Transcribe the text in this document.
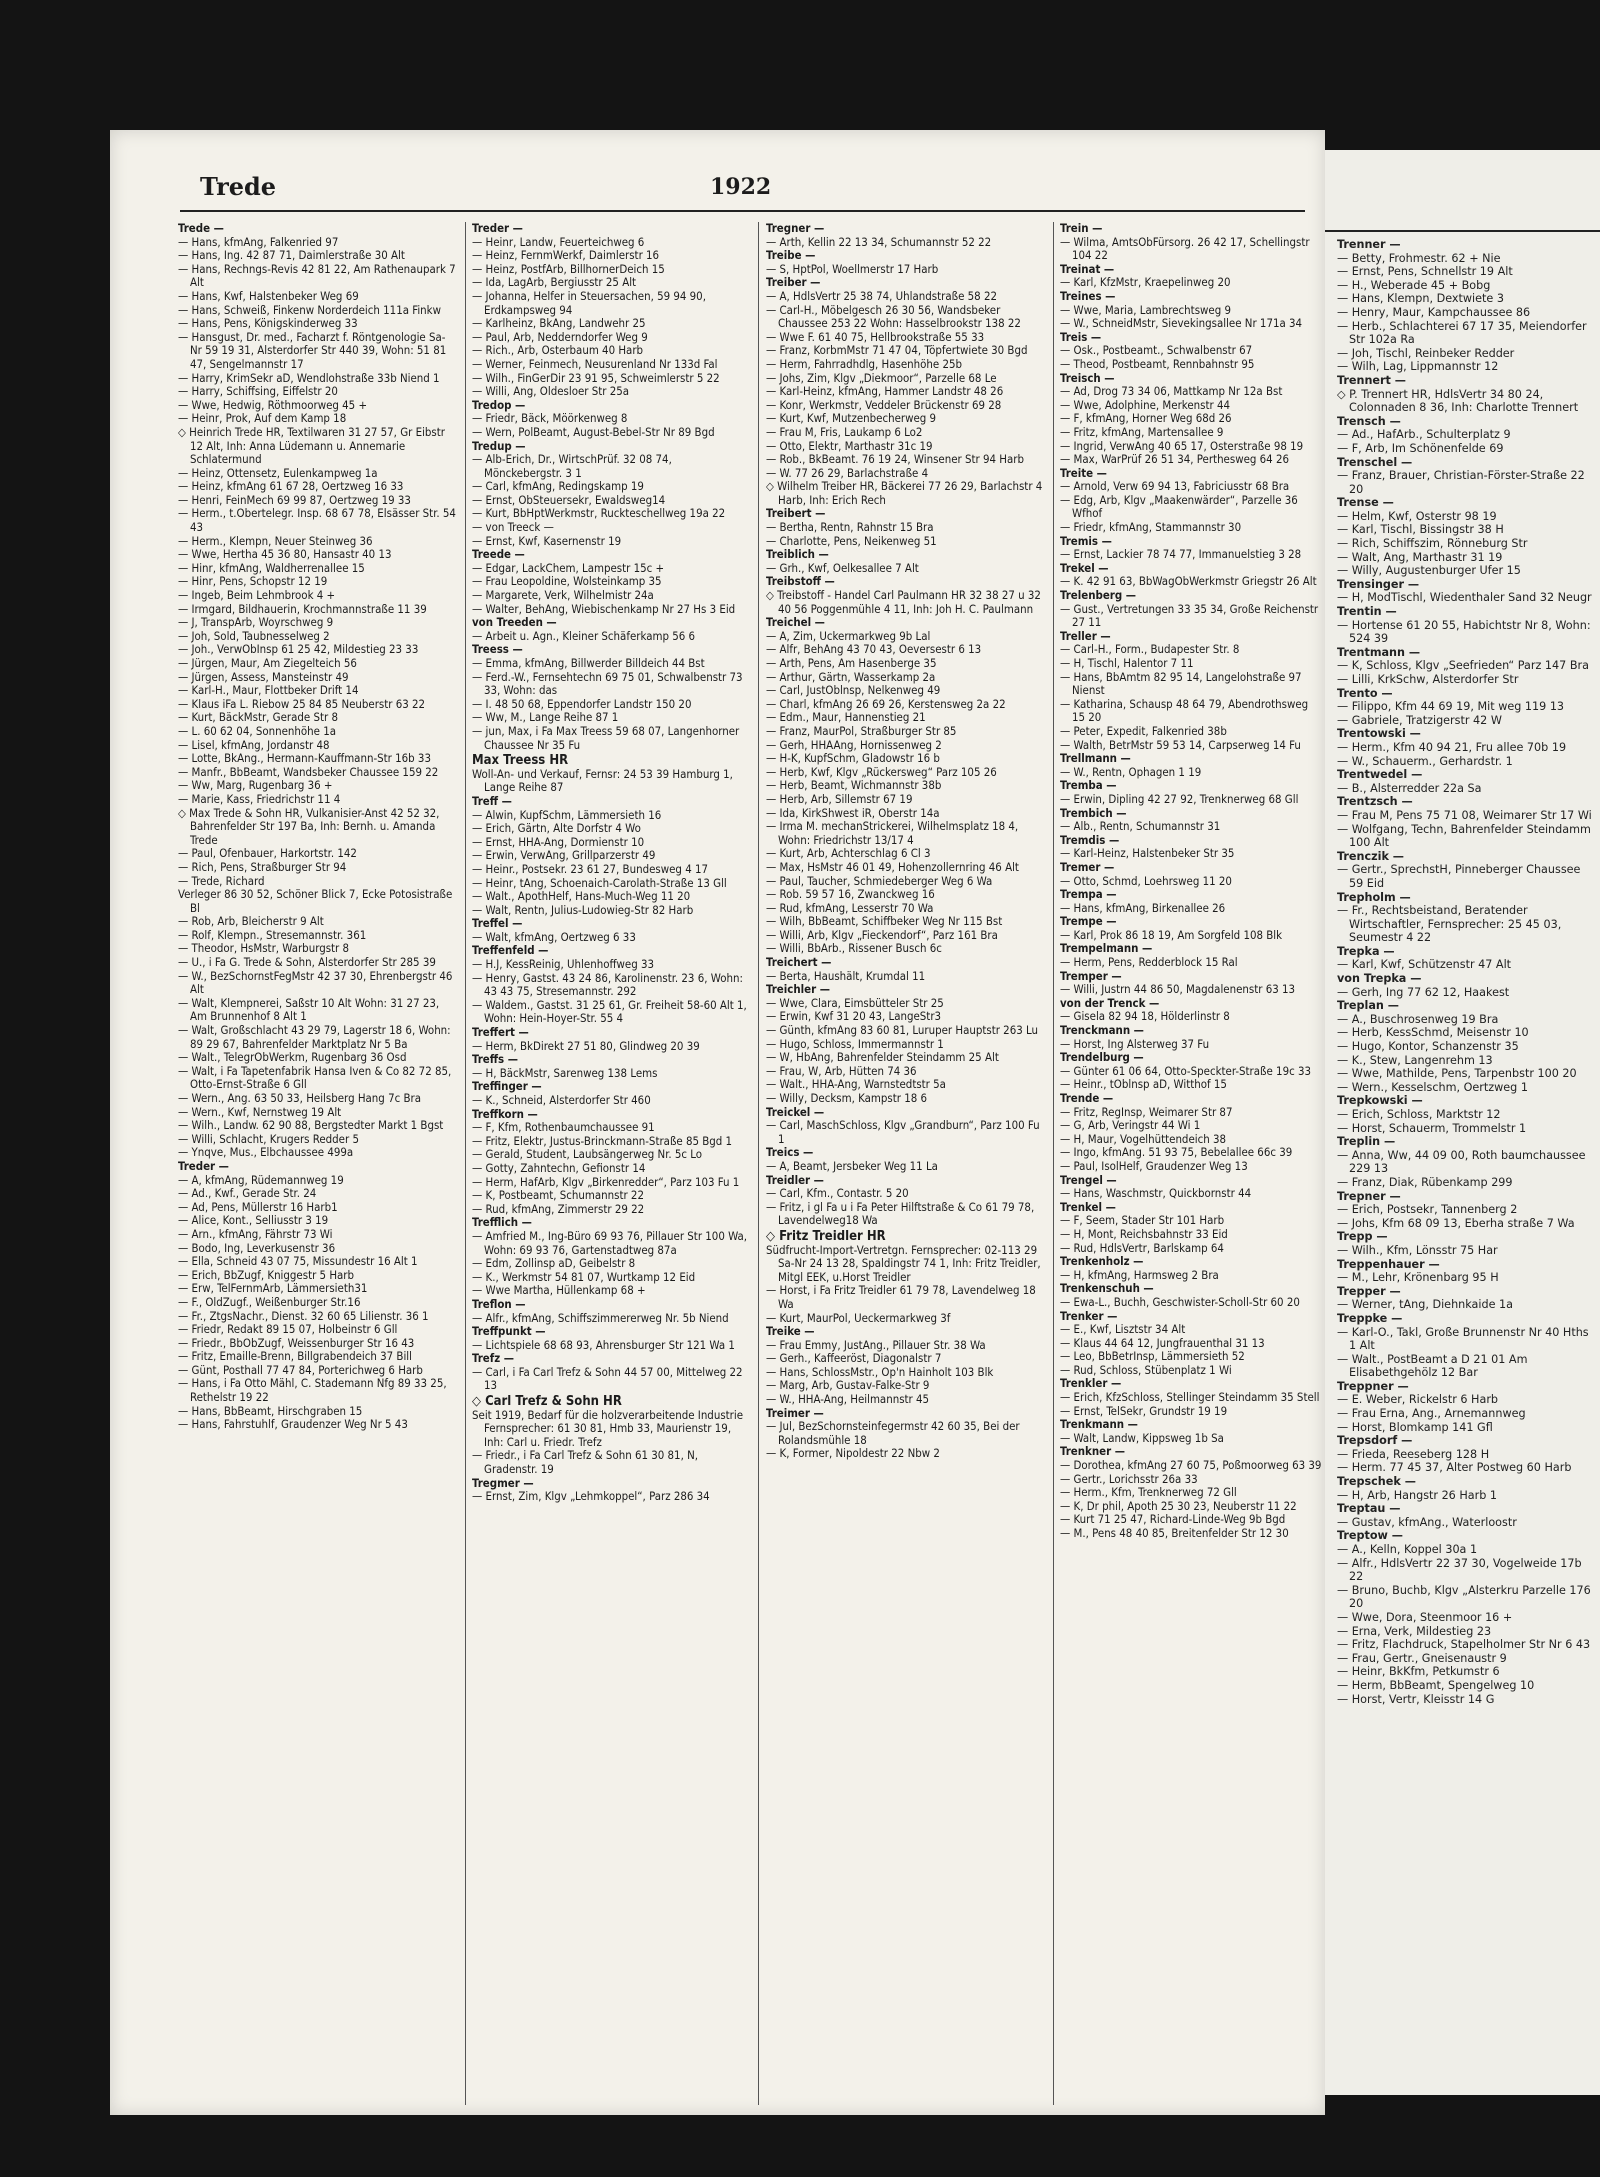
Trede	1922

Trede —

— Hans, kfmAng, Falkenried 97

— Hans, Ing. 42 87 71, Daimlerstraße 30 Alt

— Hans, Rechngs-Revis 42 81 22, Am Rathenaupark 7 Alt

— Hans, Kwf, Halstenbeker Weg 69

— Hans, Schweiß, Finkenw Norderdeich 111a Finkw

— Hans, Pens, Königskinderweg 33

— Hansgust, Dr. med., Facharzt f. Röntgenologie Sa-Nr 59 19 31, Alsterdorfer Str 440 39, Wohn: 51 81 47, Sengelmannstr 17

— Harry, KrimSekr aD, Wendlohstraße 33b Niend 1

— Harry, Schiffsing, Eiffelstr 20

— Wwe, Hedwig, Röthmoorweg 45 +

— Heinr, Prok, Auf dem Kamp 18

◇ Heinrich Trede HR, Textilwaren 31 27 57, Gr Eibstr 12 Alt, Inh: Anna Lüdemann u. Annemarie Schlatermund

— Heinz, Ottensetz, Eulenkampweg 1a

— Heinz, kfmAng 61 67 28, Oertzweg 16 33

— Henri, FeinMech 69 99 87, Oertzweg 19 33

— Herm., t.Obertelegr. Insp. 68 67 78, Elsässer Str. 54 43

— Herm., Klempn, Neuer Steinweg 36

— Wwe, Hertha 45 36 80, Hansastr 40 13

— Hinr, kfmAng, Waldherrenallee 15

— Hinr, Pens, Schopstr 12 19

— Ingeb, Beim Lehmbrook 4 +

— Irmgard, Bildhauerin, Krochmannstraße 11 39

— J, TranspArb, Woyrschweg 9

— Joh, Sold, Taubnesselweg 2

— Joh., VerwObInsp 61 25 42, Mildestieg 23 33

— Jürgen, Maur, Am Ziegelteich 56

— Jürgen, Assess, Mansteinstr 49

— Karl-H., Maur, Flottbeker Drift 14

— Klaus iFa L. Riebow 25 84 85 Neuberstr 63 22

— Kurt, BäckMstr, Gerade Str 8

— L. 60 62 04, Sonnenhöhe 1a

— Lisel, kfmAng, Jordanstr 48

— Lotte, BkAng., Hermann-Kauffmann-Str 16b 33

— Manfr., BbBeamt, Wandsbeker Chaussee 159 22

— Ww, Marg, Rugenbarg 36 +

— Marie, Kass, Friedrichstr 11 4

◇ Max Trede & Sohn HR, Vulkanisier-Anst 42 52 32, Bahrenfelder Str 197 Ba, Inh: Bernh. u. Amanda Trede

— Paul, Ofenbauer, Harkortstr. 142

— Rich, Pens, Straßburger Str 94

— Trede, Richard

Verleger 86 30 52, Schöner Blick 7, Ecke Potosistraße Bl

— Rob, Arb, Bleicherstr 9 Alt

— Rolf, Klempn., Stresemannstr. 361

— Theodor, HsMstr, Warburgstr 8

— U., i Fa G. Trede & Sohn, Alsterdorfer Str 285 39

— W., BezSchornstFegMstr 42 37 30, Ehrenbergstr 46 Alt

— Walt, Klempnerei, Saßstr 10 Alt Wohn: 31 27 23, Am Brunnenhof 8 Alt 1

— Walt, Großschlacht 43 29 79, Lagerstr 18 6, Wohn: 89 29 67, Bahrenfelder Marktplatz Nr 5 Ba

— Walt., TelegrObWerkm, Rugenbarg 36 Osd

— Walt, i Fa Tapetenfabrik Hansa Iven & Co 82 72 85, Otto-Ernst-Straße 6 Gll

— Wern., Ang. 63 50 33, Heilsberg Hang 7c Bra

— Wern., Kwf, Nernstweg 19 Alt

— Wilh., Landw. 62 90 88, Bergstedter Markt 1 Bgst

— Willi, Schlacht, Krugers Redder 5

— Ynqve, Mus., Elbchaussee 499a

Treder —

— A, kfmAng, Rüdemannweg 19

— Ad., Kwf., Gerade Str. 24

— Ad, Pens, Müllerstr 16 Harb1

— Alice, Kont., Selliusstr 3 19

— Arn., kfmAng, Fährstr 73 Wi

— Bodo, Ing, Leverkusenstr 36

— Ella, Schneid 43 07 75, Missundestr 16 Alt 1

— Erich, BbZugf, Kniggestr 5 Harb

— Erw, TelFernmArb, Lämmersieth31

— F., OldZugf., Weißenburger Str.16

— Fr., ZtgsNachr., Dienst. 32 60 65 Lilienstr. 36 1

— Friedr, Redakt 89 15 07, Holbeinstr 6 Gll

— Friedr., BbObZugf, Weissenburger Str 16 43

— Fritz, Emaille-Brenn, Billgrabendeich 37 Bill

— Günt, Posthall 77 47 84, Porterichweg 6 Harb

— Hans, i Fa Otto Mähl, C. Stademann Nfg 89 33 25, Rethelstr 19 22

— Hans, BbBeamt, Hirschgraben 15

— Hans, Fahrstuhlf, Graudenzer Weg Nr 5 43

Treder —

— Heinr, Landw, Feuerteichweg 6

— Heinz, FernmWerkf, Daimlerstr 16

— Heinz, PostfArb, BillhornerDeich 15

— Ida, LagArb, Bergiusstr 25 Alt

— Johanna, Helfer in Steuersachen, 59 94 90, Erdkampsweg 94

— Karlheinz, BkAng, Landwehr 25

— Paul, Arb, Nedderndorfer Weg 9

— Rich., Arb, Osterbaum 40 Harb

— Werner, Feinmech, Neusurenland Nr 133d Fal

— Wilh., FinGerDir 23 91 95, Schweimlerstr 5 22

— Willi, Ang, Oldesloer Str 25a

Tredop —

— Friedr, Bäck, Möörkenweg 8

— Wern, PolBeamt, August-Bebel-Str Nr 89 Bgd

Tredup —

— Alb-Erich, Dr., WirtschPrüf. 32 08 74, Mönckebergstr. 3 1

— Carl, kfmAng, Redingskamp 19

— Ernst, ObSteuersekr, Ewaldsweg14

— Kurt, BbHptWerkmstr, Ruckteschellweg 19a 22

— von Treeck —

— Ernst, Kwf, Kasernenstr 19

Treede —

— Edgar, LackChem, Lampestr 15c +

— Frau Leopoldine, Wolsteinkamp 35

— Margarete, Verk, Wilhelmistr 24a

— Walter, BehAng, Wiebischenkamp Nr 27 Hs 3 Eid

von Treeden —

— Arbeit u. Agn., Kleiner Schäferkamp 56 6

Treess —

— Emma, kfmAng, Billwerder Billdeich 44 Bst

— Ferd.-W., Fernsehtechn 69 75 01, Schwalbenstr 73 33, Wohn: das

— I. 48 50 68, Eppendorfer Landstr 150 20

— Ww, M., Lange Reihe 87 1

— jun, Max, i Fa Max Treess 59 68 07, Langenhorner Chaussee Nr 35 Fu

Max Treess HR

Woll-An- und Verkauf, Fernsr: 24 53 39 Hamburg 1, Lange Reihe 87

Treff —

— Alwin, KupfSchm, Lämmersieth 16

— Erich, Gärtn, Alte Dorfstr 4 Wo

— Ernst, HHA-Ang, Dormienstr 10

— Erwin, VerwAng, Grillparzerstr 49

— Heinr., Postsekr. 23 61 27, Bundesweg 4 17

— Heinr, tAng, Schoenaich-Carolath-Straße 13 Gll

— Walt., ApothHelf, Hans-Much-Weg 11 20

— Walt, Rentn, Julius-Ludowieg-Str 82 Harb

Treffel —

— Walt, kfmAng, Oertzweg 6 33

Treffenfeld —

— H.J, KessReinig, Uhlenhoffweg 33

— Henry, Gastst. 43 24 86, Karolinenstr. 23 6, Wohn: 43 43 75, Stresemannstr. 292

— Waldem., Gastst. 31 25 61, Gr. Freiheit 58-60 Alt 1, Wohn: Hein-Hoyer-Str. 55 4

Treffert —

— Herm, BkDirekt 27 51 80, Glindweg 20 39

Treffs —

— H, BäckMstr, Sarenweg 138 Lems

Treffinger —

— K., Schneid, Alsterdorfer Str 460

Treffkorn —

— F, Kfm, Rothenbaumchaussee 91

— Fritz, Elektr, Justus-Brinckmann-Straße 85 Bgd 1

— Gerald, Student, Laubsängerweg Nr. 5c Lo

— Gotty, Zahntechn, Gefionstr 14

— Herm, HafArb, Klgv „Birkenredder“, Parz 103 Fu 1

— K, Postbeamt, Schumannstr 22

— Rud, kfmAng, Zimmerstr 29 22

Trefflich —

— Amfried M., Ing-Büro 69 93 76, Pillauer Str 100 Wa, Wohn: 69 93 76, Gartenstadtweg 87a

— Edm, Zollinsp aD, Geibelstr 8

— K., Werkmstr 54 81 07, Wurtkamp 12 Eid

— Wwe Martha, Hüllenkamp 68 +

Treflon —

— Alfr., kfmAng, Schiffszimmererweg Nr. 5b Niend

Treffpunkt —

— Lichtspiele 68 68 93, Ahrensburger Str 121 Wa 1

Trefz —

— Carl, i Fa Carl Trefz & Sohn 44 57 00, Mittelweg 22 13

◇ Carl Trefz & Sohn HR

Seit 1919, Bedarf für die holzverarbeitende Industrie Fernsprecher: 61 30 81, Hmb 33, Maurienstr 19, Inh: Carl u. Friedr. Trefz

— Friedr., i Fa Carl Trefz & Sohn 61 30 81, N, Gradenstr. 19

Tregmer —

— Ernst, Zim, Klgv „Lehmkoppel“, Parz 286 34

Tregner —

— Arth, Kellin 22 13 34, Schumannstr 52 22

Treibe —

— S, HptPol, Woellmerstr 17 Harb

Treiber —

— A, HdlsVertr 25 38 74, Uhlandstraße 58 22

— Carl-H., Möbelgesch 26 30 56, Wandsbeker Chaussee 253 22 Wohn: Hasselbrookstr 138 22

— Wwe F. 61 40 75, Hellbrookstraße 55 33

— Franz, KorbmMstr 71 47 04, Töpfertwiete 30 Bgd

— Herm, Fahrradhdlg, Hasenhöhe 25b

— Johs, Zim, Klgv „Diekmoor“, Parzelle 68 Le

— Karl-Heinz, kfmAng, Hammer Landstr 48 26

— Konr, Werkmstr, Veddeler Brückenstr 69 28

— Kurt, Kwf, Mutzenbecherweg 9

— Frau M, Fris, Laukamp 6 Lo2

— Otto, Elektr, Marthastr 31c 19

— Rob., BkBeamt. 76 19 24, Winsener Str 94 Harb

— W. 77 26 29, Barlachstraße 4

◇ Wilhelm Treiber HR, Bäckerei 77 26 29, Barlachstr 4 Harb, Inh: Erich Rech

Treibert —

— Bertha, Rentn, Rahnstr 15 Bra

— Charlotte, Pens, Neikenweg 51

Treiblich —

— Grh., Kwf, Oelkesallee 7 Alt

Treibstoff —

◇ Treibstoff - Handel Carl Paulmann HR 32 38 27 u 32 40 56 Poggenmühle 4 11, Inh: Joh H. C. Paulmann

Treichel —

— A, Zim, Uckermarkweg 9b Lal

— Alfr, BehAng 43 70 43, Oeversestr 6 13

— Arth, Pens, Am Hasenberge 35

— Arthur, Gärtn, Wasserkamp 2a

— Carl, JustOblnsp, Nelkenweg 49

— Charl, kfmAng 26 69 26, Kerstensweg 2a 22

— Edm., Maur, Hannenstieg 21

— Franz, MaurPol, Straßburger Str 85

— Gerh, HHAAng, Hornissenweg 2

— H-K, KupfSchm, Gladowstr 16 b

— Herb, Kwf, Klgv „Rückersweg“ Parz 105 26

— Herb, Beamt, Wichmannstr 38b

— Herb, Arb, Sillemstr 67 19

— Ida, KirkShwest iR, Oberstr 14a

— Irma M. mechanStrickerei, Wilhelmsplatz 18 4, Wohn: Friedrichstr 13/17 4

— Kurt, Arb, Achterschlag 6 Cl 3

— Max, HsMstr 46 01 49, Hohenzollernring 46 Alt

— Paul, Taucher, Schmiedeberger Weg 6 Wa

— Rob. 59 57 16, Zwanckweg 16

— Rud, kfmAng, Lesserstr 70 Wa

— Wilh, BbBeamt, Schiffbeker Weg Nr 115 Bst

— Willi, Arb, Klgv „Fieckendorf“, Parz 161 Bra

— Willi, BbArb., Rissener Busch 6c

Treichert —

— Berta, Haushält, Krumdal 11

Treichler —

— Wwe, Clara, Eimsbütteler Str 25

— Erwin, Kwf 31 20 43, LangeStr3

— Günth, kfmAng 83 60 81, Luruper Hauptstr 263 Lu

— Hugo, Schloss, Immermannstr 1

— W, HbAng, Bahrenfelder Steindamm 25 Alt

— Frau, W, Arb, Hütten 74 36

— Walt., HHA-Ang, Warnstedtstr 5a

— Willy, Decksm, Kampstr 18 6

Treickel —

— Carl, MaschSchloss, Klgv „Grandburn“, Parz 100 Fu 1

Treics —

— A, Beamt, Jersbeker Weg 11 La

Treidler —

— Carl, Kfm., Contastr. 5 20

— Fritz, i gl Fa u i Fa Peter Hilftstraße & Co 61 79 78, Lavendelweg18 Wa

◇ Fritz Treidler HR

Südfrucht-Import-Vertretgn. Fernsprecher: 02-113 29 Sa-Nr 24 13 28, Spaldingstr 74 1, Inh: Fritz Treidler, Mitgl EEK, u.Horst Treidler

— Horst, i Fa Fritz Treidler 61 79 78, Lavendelweg 18 Wa

— Kurt, MaurPol, Ueckermarkweg 3f

Treike —

— Frau Emmy, JustAng., Pillauer Str. 38 Wa

— Gerh., Kaffeeröst, Diagonalstr 7

— Hans, SchlossMstr., Op'n Hainholt 103 Blk

— Marg, Arb, Gustav-Falke-Str 9

— W., HHA-Ang, Heilmannstr 45

Treimer —

— Jul, BezSchornsteinfegermstr 42 60 35, Bei der Rolandsmühle 18

— K, Former, Nipoldestr 22 Nbw 2

Trein —

— Wilma, AmtsObFürsorg. 26 42 17, Schellingstr 104 22

Treinat —

— Karl, KfzMstr, Kraepelinweg 20

Treines —

— Wwe, Maria, Lambrechtsweg 9

— W., SchneidMstr, Sievekingsallee Nr 171a 34

Treis —

— Osk., Postbeamt., Schwalbenstr 67

— Theod, Postbeamt, Rennbahnstr 95

Treisch —

— Ad, Drog 73 34 06, Mattkamp Nr 12a Bst

— Wwe, Adolphine, Merkenstr 44

— F, kfmAng, Horner Weg 68d 26

— Fritz, kfmAng, Martensallee 9

— Ingrid, VerwAng 40 65 17, Osterstraße 98 19

— Max, WarPrüf 26 51 34, Perthesweg 64 26

Treite —

— Arnold, Verw 69 94 13, Fabriciusstr 68 Bra

— Edg, Arb, Klgv „Maakenwärder“, Parzelle 36 Wfhof

— Friedr, kfmAng, Stammannstr 30

Tremis —

— Ernst, Lackier 78 74 77, Immanuelstieg 3 28

Trekel —

— K. 42 91 63, BbWagObWerkmstr Griegstr 26 Alt

Trelenberg —

— Gust., Vertretungen 33 35 34, Große Reichenstr 27 11

Treller —

— Carl-H., Form., Budapester Str. 8

— H, Tischl, Halentor 7 11

— Hans, BbAmtm 82 95 14, Langelohstraße 97 Nienst

— Katharina, Schausp 48 64 79, Abendrothsweg 15 20

— Peter, Expedit, Falkenried 38b

— Walth, BetrMstr 59 53 14, Carpserweg 14 Fu

Trellmann —

— W., Rentn, Ophagen 1 19

Tremba —

— Erwin, Dipling 42 27 92, Trenknerweg 68 Gll

Trembich —

— Alb., Rentn, Schumannstr 31

Tremdis —

— Karl-Heinz, Halstenbeker Str 35

Tremer —

— Otto, Schmd, Loehrsweg 11 20

Trempa —

— Hans, kfmAng, Birkenallee 26

Trempe —

— Karl, Prok 86 18 19, Am Sorgfeld 108 Blk

Trempelmann —

— Herm, Pens, Redderblock 15 Ral

Tremper —

— Willi, Justrn 44 86 50, Magdalenenstr 63 13

von der Trenck —

— Gisela 82 94 18, Hölderlinstr 8

Trenckmann —

— Horst, Ing Alsterweg 37 Fu

Trendelburg —

— Günter 61 06 64, Otto-Speckter-Straße 19c 33

— Heinr., tOblnsp aD, Witthof 15

Trende —

— Fritz, RegInsp, Weimarer Str 87

— G, Arb, Veringstr 44 Wi 1

— H, Maur, Vogelhüttendeich 38

— Ingo, kfmAng. 51 93 75, Bebelallee 66c 39

— Paul, IsolHelf, Graudenzer Weg 13

Trengel —

— Hans, Waschmstr, Quickbornstr 44

Trenkel —

— F, Seem, Stader Str 101 Harb

— H, Mont, Reichsbahnstr 33 Eid

— Rud, HdlsVertr, Barlskamp 64

Trenkenholz —

— H, kfmAng, Harmsweg 2 Bra

Trenkenschuh —

— Ewa-L., Buchh, Geschwister-Scholl-Str 60 20

Trenker —

— E., Kwf, Lisztstr 34 Alt

— Klaus 44 64 12, Jungfrauenthal 31 13

— Leo, BbBetrInsp, Lämmersieth 52

— Rud, Schloss, Stübenplatz 1 Wi

Trenkler —

— Erich, KfzSchloss, Stellinger Steindamm 35 Stell

— Ernst, TelSekr, Grundstr 19 19

Trenkmann —

— Walt, Landw, Kippsweg 1b Sa

Trenkner —

— Dorothea, kfmAng 27 60 75, Poßmoorweg 63 39

— Gertr., Lorichsstr 26a 33

— Herm., Kfm, Trenknerweg 72 Gll

— K, Dr phil, Apoth 25 30 23, Neuberstr 11 22

— Kurt 71 25 47, Richard-Linde-Weg 9b Bgd

— M., Pens 48 40 85, Breitenfelder Str 12 30

Trenner —

— Betty, Frohmestr. 62 + Nie

— Ernst, Pens, Schnellstr 19 Alt

— H., Weberade 45 + Bobg

— Hans, Klempn, Dextwiete 3

— Henry, Maur, Kampchaussee 86

— Herb., Schlachterei 67 17 35, Meiendorfer Str 102a Ra

— Joh, Tischl, Reinbeker Redder

— Wilh, Lag, Lippmannstr 12

Trennert —

◇ P. Trennert HR, HdlsVertr 34 80 24, Colonnaden 8 36, Inh: Charlotte Trennert

Trensch —

— Ad., HafArb., Schulterplatz 9

— F, Arb, Im Schönenfelde 69

Trenschel —

— Franz, Brauer, Christian-Förster-Straße 22 20

Trense —

— Helm, Kwf, Osterstr 98 19

— Karl, Tischl, Bissingstr 38 H

— Rich, Schiffszim, Rönneburg Str

— Walt, Ang, Marthastr 31 19

— Willy, Augustenburger Ufer 15

Trensinger —

— H, ModTischl, Wiedenthaler Sand 32 Neugr

Trentin —

— Hortense 61 20 55, Habichtstr Nr 8, Wohn: 524 39

Trentmann —

— K, Schloss, Klgv „Seefrieden“ Parz 147 Bra

— Lilli, KrkSchw, Alsterdorfer Str

Trento —

— Filippo, Kfm 44 69 19, Mit weg 119 13

— Gabriele, Tratzigerstr 42 W

Trentowski —

— Herm., Kfm 40 94 21, Fru allee 70b 19

— W., Schauerm., Gerhardstr. 1

Trentwedel —

— B., Alsterredder 22a Sa

Trentzsch —

— Frau M, Pens 75 71 08, Weimarer Str 17 Wi

— Wolfgang, Techn, Bahrenfelder Steindamm 100 Alt

Trenczik —

— Gertr., SprechstH, Pinneberger Chaussee 59 Eid

Trepholm —

— Fr., Rechtsbeistand, Beratender Wirtschaftler, Fernsprecher: 25 45 03, Seumestr 4 22

Trepka —

— Karl, Kwf, Schützenstr 47 Alt

von Trepka —

— Gerh, Ing 77 62 12, Haakest

Treplan —

— A., Buschrosenweg 19 Bra

— Herb, KessSchmd, Meisenstr 10

— Hugo, Kontor, Schanzenstr 35

— K., Stew, Langenrehm 13

— Wwe, Mathilde, Pens, Tarpenbstr 100 20

— Wern., Kesselschm, Oertzweg 1

Trepkowski —

— Erich, Schloss, Marktstr 12

— Horst, Schauerm, Trommelstr 1

Treplin —

— Anna, Ww, 44 09 00, Roth baumchaussee 229 13

— Franz, Diak, Rübenkamp 299

Trepner —

— Erich, Postsekr, Tannenberg 2

— Johs, Kfm 68 09 13, Eberha straße 7 Wa

Trepp —

— Wilh., Kfm, Lönsstr 75 Har

Treppenhauer —

— M., Lehr, Krönenbarg 95 H

Trepper —

— Werner, tAng, Diehnkaide 1a

Treppke —

— Karl-O., Takl, Große Brunnenstr Nr 40 Hths 1 Alt

— Walt., PostBeamt a D 21 01 Am Elisabethgehölz 12 Bar

Treppner —

— E. Weber, Rickelstr 6 Harb

— Frau Erna, Ang., Arnemannweg

— Horst, Blomkamp 141 Gfl

Trepsdorf —

— Frieda, Reeseberg 128 H

— Herm. 77 45 37, Alter Postweg 60 Harb

Trepschek —

— H, Arb, Hangstr 26 Harb 1

Treptau —

— Gustav, kfmAng., Waterloostr

Treptow —

— A., Kelln, Koppel 30a 1

— Alfr., HdlsVertr 22 37 30, Vogelweide 17b 22

— Bruno, Buchb, Klgv „Alsterkru Parzelle 176 20

— Wwe, Dora, Steenmoor 16 +

— Erna, Verk, Mildestieg 23

— Fritz, Flachdruck, Stapelholmer Str Nr 6 43

— Frau, Gertr., Gneisenaustr 9

— Heinr, BkKfm, Petkumstr 6

— Herm, BbBeamt, Spengelweg 10

— Horst, Vertr, Kleisstr 14 G
